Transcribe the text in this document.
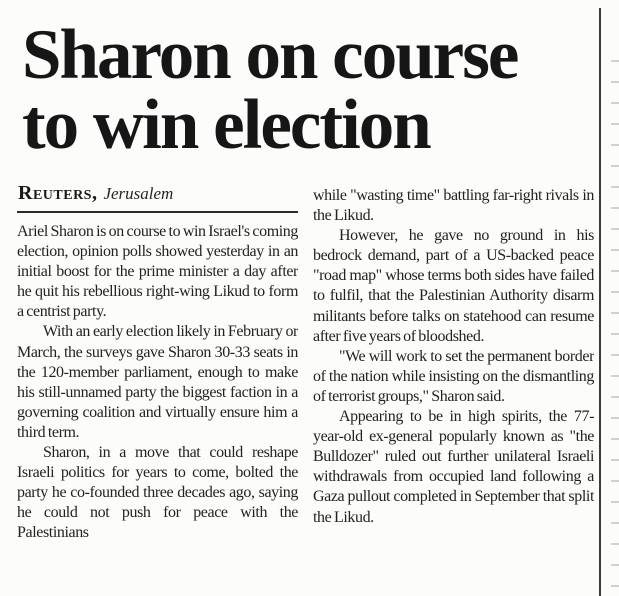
Sharon on course
to win election
Reuters, Jerusalem

Ariel Sharon is on course to win Israel's coming election, opinion polls showed yesterday in an initial boost for the prime minister a day after he quit his rebellious right-wing Likud to form a centrist party.

With an early election likely in February or March, the surveys gave Sharon 30-33 seats in the 120-member parliament, enough to make his still-unnamed party the biggest faction in a governing coalition and virtually ensure him a third term.

Sharon, in a move that could reshape Israeli politics for years to come, bolted the party he co-founded three decades ago, saying he could not push for peace with the Palestinians

while "wasting time" battling far-right rivals in the Likud.

However, he gave no ground in his bedrock demand, part of a US-backed peace "road map" whose terms both sides have failed to fulfil, that the Palestinian Authority disarm militants before talks on statehood can resume after five years of bloodshed.

"We will work to set the permanent border of the nation while insisting on the dismantling of terrorist groups," Sharon said.

Appearing to be in high spirits, the 77-year-old ex-general popularly known as "the Bulldozer" ruled out further unilateral Israeli withdrawals from occupied land following a Gaza pullout completed in September that split the Likud.
